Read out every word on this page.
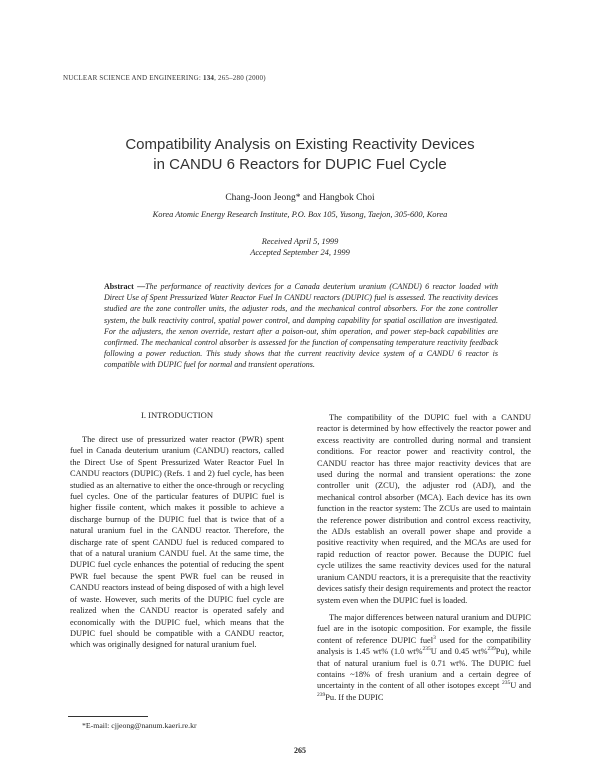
NUCLEAR SCIENCE AND ENGINEERING: 134, 265–280 (2000)
Compatibility Analysis on Existing Reactivity Devices
in CANDU 6 Reactors for DUPIC Fuel Cycle
Chang-Joon Jeong* and Hangbok Choi
Korea Atomic Energy Research Institute, P.O. Box 105, Yusong, Taejon, 305-600, Korea
Received April 5, 1999
Accepted September 24, 1999
Abstract —The performance of reactivity devices for a Canada deuterium uranium (CANDU) 6 reactor loaded with Direct Use of Spent Pressurized Water Reactor Fuel In CANDU reactors (DUPIC) fuel is assessed. The reactivity devices studied are the zone controller units, the adjuster rods, and the mechanical control absorbers. For the zone controller system, the bulk reactivity control, spatial power control, and damping capability for spatial oscillation are investigated. For the adjusters, the xenon override, restart after a poison-out, shim operation, and power step-back capabilities are confirmed. The mechanical control absorber is assessed for the function of compensating temperature reactivity feedback following a power reduction. This study shows that the current reactivity device system of a CANDU 6 reactor is compatible with DUPIC fuel for normal and transient operations.
I. INTRODUCTION

The direct use of pressurized water reactor (PWR) spent fuel in Canada deuterium uranium (CANDU) reactors, called the Direct Use of Spent Pressurized Water Reactor Fuel In CANDU reactors (DUPIC) (Refs. 1 and 2) fuel cycle, has been studied as an alternative to either the once-through or recycling fuel cycles. One of the particular features of DUPIC fuel is higher fissile content, which makes it possible to achieve a discharge burnup of the DUPIC fuel that is twice that of a natural uranium fuel in the CANDU reactor. Therefore, the discharge rate of spent CANDU fuel is reduced compared to that of a natural uranium CANDU fuel. At the same time, the DUPIC fuel cycle enhances the potential of reducing the spent PWR fuel because the spent PWR fuel can be reused in CANDU reactors instead of being disposed of with a high level of waste. However, such merits of the DUPIC fuel cycle are realized when the CANDU reactor is operated safely and economically with the DUPIC fuel, which means that the DUPIC fuel should be compatible with a CANDU reactor, which was originally designed for natural uranium fuel.

The compatibility of the DUPIC fuel with a CANDU reactor is determined by how effectively the reactor power and excess reactivity are controlled during normal and transient conditions. For reactor power and reactivity control, the CANDU reactor has three major reactivity devices that are used during the normal and transient operations: the zone controller unit (ZCU), the adjuster rod (ADJ), and the mechanical control absorber (MCA). Each device has its own function in the reactor system: The ZCUs are used to maintain the reference power distribution and control excess reactivity, the ADJs establish an overall power shape and provide a positive reactivity when required, and the MCAs are used for rapid reduction of reactor power. Because the DUPIC fuel cycle utilizes the same reactivity devices used for the natural uranium CANDU reactors, it is a prerequisite that the reactivity devices satisfy their design requirements and protect the reactor system even when the DUPIC fuel is loaded.

The major differences between natural uranium and DUPIC fuel are in the isotopic composition. For example, the fissile content of reference DUPIC fuel$^3$ used for the compatibility analysis is 1.45 wt% (1.0 wt%$^{235}$U and 0.45 wt%$^{239}$Pu), while that of natural uranium fuel is 0.71 wt%. The DUPIC fuel contains ~18% of fresh uranium and a certain degree of uncertainty in the content of all other isotopes except $^{235}$U and $^{239}$Pu. If the DUPIC

*E-mail: cjjeong@nanum.kaeri.re.kr
265
